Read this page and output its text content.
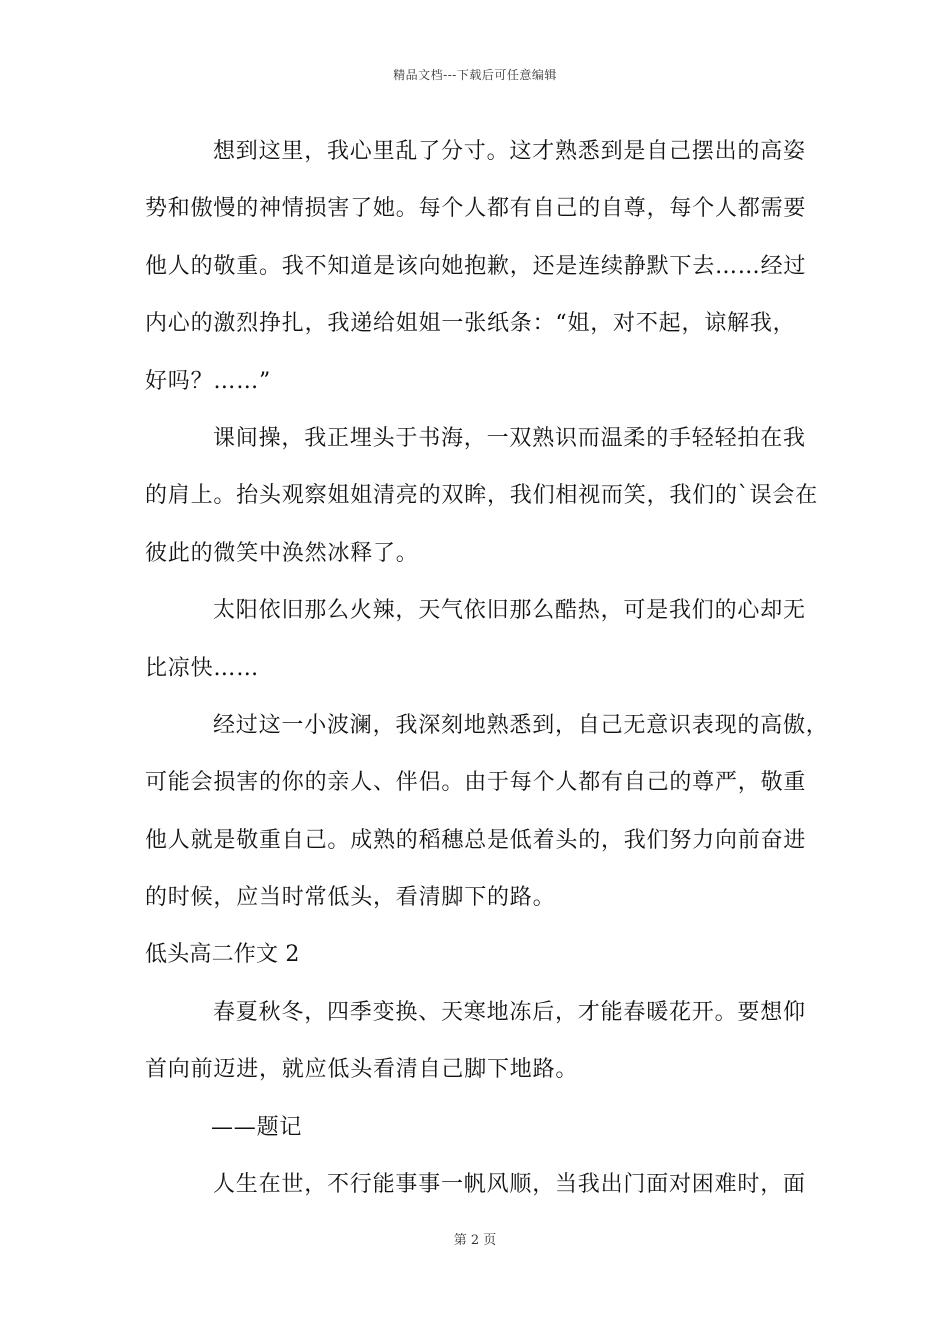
精品文档---下载后可任意编辑
想到这里，我心里乱了分寸。这才熟悉到是自己摆出的高姿
势和傲慢的神情损害了她。每个人都有自己的自尊，每个人都需要
他人的敬重。我不知道是该向她抱歉，还是连续静默下去……经过
内心的激烈挣扎，我递给姐姐一张纸条：“姐，对不起，谅解我，
好吗？……”
课间操，我正埋头于书海，一双熟识而温柔的手轻轻拍在我
的肩上。抬头观察姐姐清亮的双眸，我们相视而笑，我们的`误会在
彼此的微笑中涣然冰释了。
太阳依旧那么火辣，天气依旧那么酷热，可是我们的心却无
比凉快……
经过这一小波澜，我深刻地熟悉到，自己无意识表现的高傲，
可能会损害的你的亲人、伴侣。由于每个人都有自己的尊严，敬重
他人就是敬重自己。成熟的稻穗总是低着头的，我们努力向前奋进
的时候，应当时常低头，看清脚下的路。
低头高二作文 2
春夏秋冬，四季变换、天寒地冻后，才能春暖花开。要想仰
首向前迈进，就应低头看清自己脚下地路。
——题记
人生在世，不行能事事一帆风顺，当我出门面对困难时，面
第 2 页
